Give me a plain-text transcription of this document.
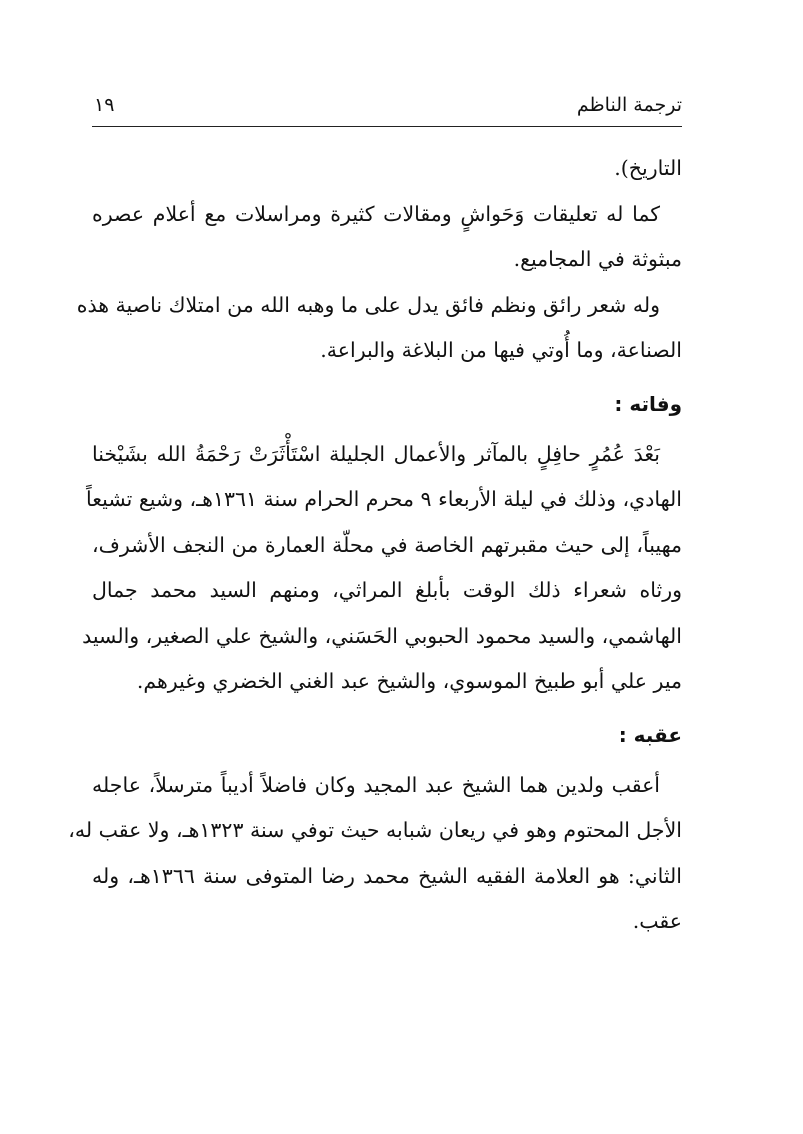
ترجمة الناظم
١٩
التاريخ).
كما له تعليقات وَحَواشٍ ومقالات كثيرة ومراسلات مع أعلام عصره
مبثوثة في المجاميع.
وله شعر رائق ونظم فائق يدل على ما وهبه الله من امتلاك ناصية هذه
الصناعة، وما أُوتي فيها من البلاغة والبراعة.
وفاته :
بَعْدَ عُمُرٍ حافِلٍ بالمآثر والأعمال الجليلة اسْتَأْثَرَتْ رَحْمَةُ الله بشَيْخنا
الهادي، وذلك في ليلة الأربعاء ٩ محرم الحرام سنة ١٣٦١هـ، وشيع تشيعاً
مهيباً، إلى حيث مقبرتهم الخاصة في محلّة العمارة من النجف الأشرف،
ورثاه شعراء ذلك الوقت بأبلغ المراثي، ومنهم السيد محمد جمال
الهاشمي، والسيد محمود الحبوبي الحَسَني، والشيخ علي الصغير، والسيد
مير علي أبو طبيخ الموسوي، والشيخ عبد الغني الخضري وغيرهم.
عقبه :
أعقب ولدين هما الشيخ عبد المجيد وكان فاضلاً أديباً مترسلاً، عاجله
الأجل المحتوم وهو في ريعان شبابه حيث توفي سنة ١٣٢٣هـ، ولا عقب له،
الثاني: هو العلامة الفقيه الشيخ محمد رضا المتوفى سنة ١٣٦٦هـ، وله
عقب.
